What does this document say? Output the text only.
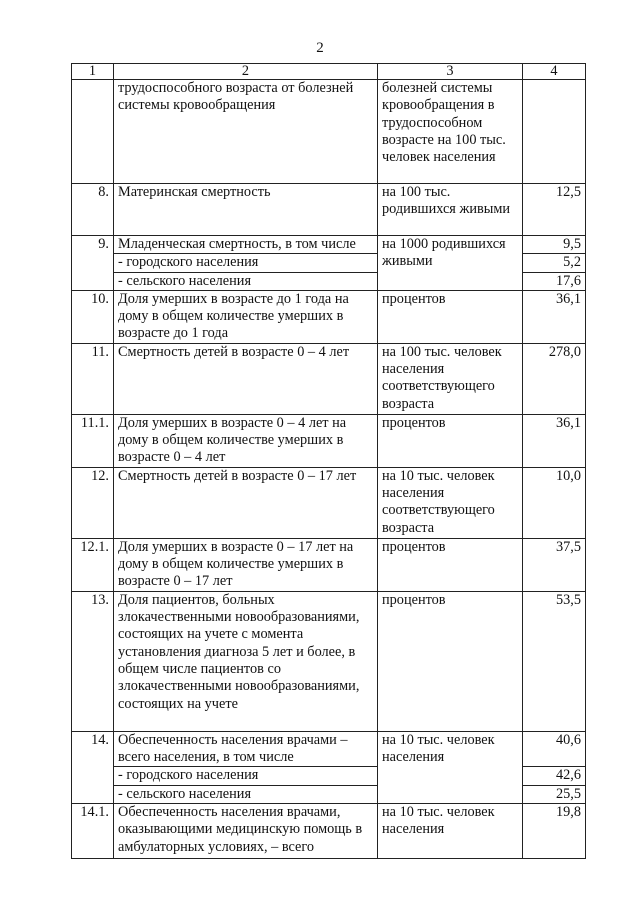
2
1	2	3	4
	трудоспособного возраста от болезней системы кровообращения	болезней системы кровообращения в трудоспособном возрасте на 100 тыс. человек населения	
8.	Материнская смертность	на 100 тыс. родившихся живыми	12,5
9.	Младенческая смертность, в том числе	на 1000 родившихся живыми	9,5
	- городского населения		5,2
	- сельского населения		17,6
10.	Доля умерших в возрасте до 1 года на дому в общем количестве умерших в возрасте до 1 года	процентов	36,1
11.	Смертность детей в возрасте 0 – 4 лет	на 100 тыс. человек населения соответствующего возраста	278,0
11.1.	Доля умерших в возрасте 0 – 4 лет на дому в общем количестве умерших в возрасте 0 – 4 лет	процентов	36,1
12.	Смертность детей в возрасте 0 – 17 лет	на 10 тыс. человек населения соответствующего возраста	10,0
12.1.	Доля умерших в возрасте 0 – 17 лет на дому в общем количестве умерших в возрасте 0 – 17 лет	процентов	37,5
13.	Доля пациентов, больных злокачественными новообразованиями, состоящих на учете с момента установления диагноза 5 лет и более, в общем числе пациентов со злокачественными новообразованиями, состоящих на учете	процентов	53,5
14.	Обеспеченность населения врачами – всего населения, в том числе	на 10 тыс. человек населения	40,6
	- городского населения		42,6
	- сельского населения		25,5
14.1.	Обеспеченность населения врачами, оказывающими медицинскую помощь в амбулаторных условиях, – всего	на 10 тыс. человек населения	19,8
